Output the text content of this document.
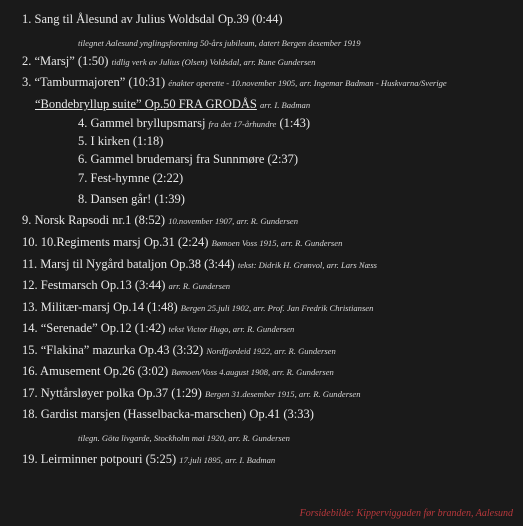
1. Sang til Ålesund av Julius Woldsdal Op.39 (0:44)
tilegnet Aalesund ynglingsforening 50-års jubileum, datert Bergen desember 1919
2. “Marsj” (1:50) tidlig verk av Julius (Olsen) Voldsdal, arr. Rune Gundersen
3. “Tamburmajoren” (10:31) énakter operette - 10.november 1905, arr. Ingemar Badman - Huskvarna/Sverige
“Bondebryllup suite” Op.50 FRA GRODÅS arr. I. Badman
4. Gammel bryllupsmarsj fra det 17-århundre (1:43)
5. I kirken (1:18)
6. Gammel brudemarsj fra Sunnmøre (2:37)
7. Fest-hymne (2:22)
8. Dansen går! (1:39)
9. Norsk Rapsodi nr.1 (8:52) 10.november 1907, arr. R. Gundersen
10. 10.Regiments marsj Op.31 (2:24) Bømoen Voss 1915, arr. R. Gundersen
11. Marsj til Nygård bataljon Op.38 (3:44) tekst: Didrik H. Grønvol, arr. Lars Næss
12. Festmarsch Op.13 (3:44) arr. R. Gundersen
13. Militær-marsj Op.14 (1:48) Bergen 25.juli 1902, arr. Prof. Jan Fredrik Christiansen
14. “Serenade” Op.12 (1:42) tekst Victor Hugo, arr. R. Gundersen
15. “Flakina” mazurka Op.43 (3:32) Nordfjordeid 1922, arr. R. Gundersen
16. Amusement Op.26 (3:02) Bømoen/Voss 4.august 1908, arr. R. Gundersen
17. Nyttårsløyer polka Op.37 (1:29) Bergen 31.desember 1915, arr. R. Gundersen
18. Gardist marsjen (Hasselbacka-marschen) Op.41 (3:33)
tilegn. Göta livgarde, Stockholm mai 1920, arr. R. Gundersen
19. Leirminner potpouri (5:25) 17.juli 1895, arr. I. Badman
Forsidebilde: Kipperviggaden før branden, Aalesund
